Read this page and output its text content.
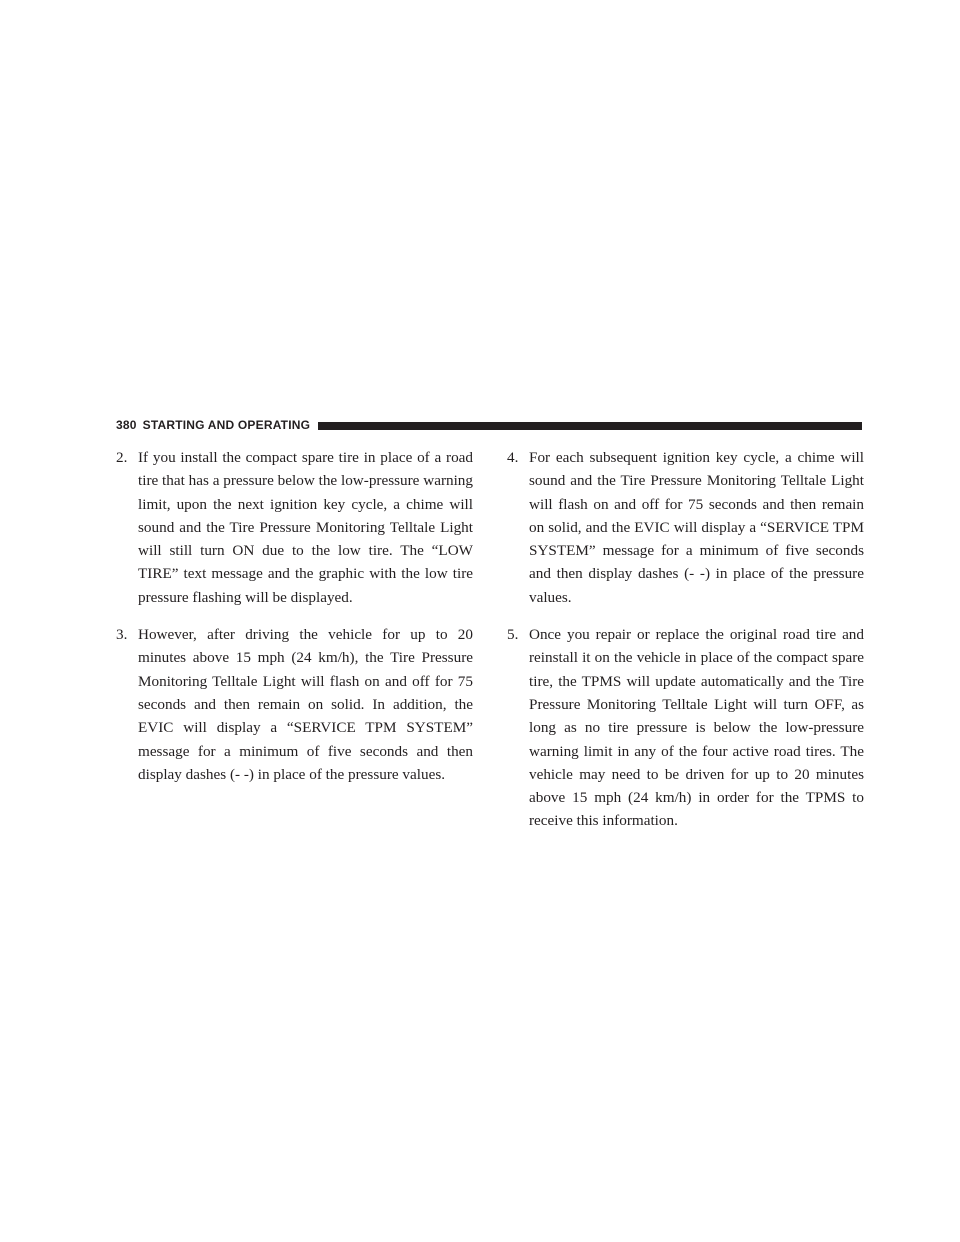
380 STARTING AND OPERATING
2. If you install the compact spare tire in place of a road tire that has a pressure below the low-pressure warning limit, upon the next ignition key cycle, a chime will sound and the Tire Pressure Monitoring Telltale Light will still turn ON due to the low tire. The “LOW TIRE” text message and the graphic with the low tire pressure flashing will be displayed.
3. However, after driving the vehicle for up to 20 minutes above 15 mph (24 km/h), the Tire Pressure Monitoring Telltale Light will flash on and off for 75 seconds and then remain on solid. In addition, the EVIC will display a “SERVICE TPM SYSTEM” message for a minimum of five seconds and then display dashes (- -) in place of the pressure values.
4. For each subsequent ignition key cycle, a chime will sound and the Tire Pressure Monitoring Telltale Light will flash on and off for 75 seconds and then remain on solid, and the EVIC will display a “SERVICE TPM SYSTEM” message for a minimum of five seconds and then display dashes (- -) in place of the pressure values.
5. Once you repair or replace the original road tire and reinstall it on the vehicle in place of the compact spare tire, the TPMS will update automatically and the Tire Pressure Monitoring Telltale Light will turn OFF, as long as no tire pressure is below the low-pressure warning limit in any of the four active road tires. The vehicle may need to be driven for up to 20 minutes above 15 mph (24 km/h) in order for the TPMS to receive this information.
